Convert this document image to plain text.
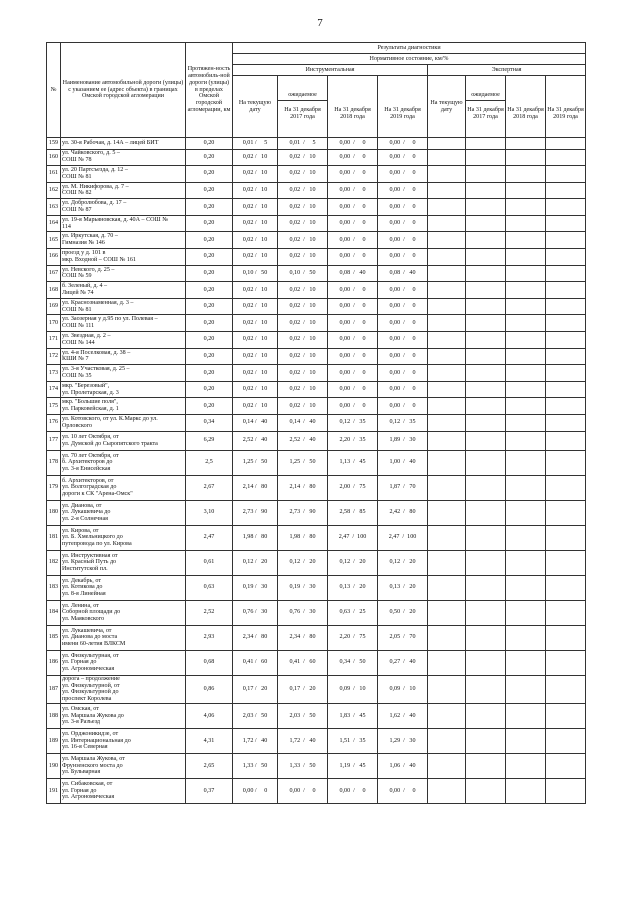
7
№	Наименование автомобильной дороги (улицы) с указанием ее (адрес объекта) в границах Омской городской агломерации	Протяжен-ность автомобиль-ной дороги (улицы) в пределах Омской городской агломерации, км	Результаты диагностики							
			Нормативное состояние, км/%							
			Инструментальная				Экспертная			
			На текущую дату	ожидаемое
На 31 декабря 2017 года	На 31 декабря 2018 года	На 31 декабря 2019 года	На текущую дату	ожидаемое
На 31 декабря 2017 года	На 31 декабря 2018 года	На 31 декабря 2019 года
159	ул. 30-я Рабочая, д. 14А – лицей БИТ	0,20	0,01 /     5	0,01  /     5	0,00  /     0	0,00  /     0				
160	ул. Чайковского, д. 5 –
СОШ № 78	0,20	0,02 /   10	0,02  /   10	0,00  /     0	0,00  /     0				
161	ул. 20 Партсъезда, д. 12 –
СОШ № 81	0,20	0,02 /   10	0,02  /   10	0,00  /     0	0,00  /     0				
162	ул. М. Никифорова, д. 7 –
СОШ № 82	0,20	0,02 /   10	0,02  /   10	0,00  /     0	0,00  /     0				
163	ул. Добролюбова, д. 17 –
СОШ № 87	0,20	0,02 /   10	0,02  /   10	0,00  /     0	0,00  /     0				
164	ул. 19-я Марьяновская, д. 40А – СОШ №
114	0,20	0,02 /   10	0,02  /   10	0,00  /     0	0,00  /     0				
165	ул. Иркутская, д. 70 –
Гимназия № 146	0,20	0,02 /   10	0,02  /   10	0,00  /     0	0,00  /     0				
166	проезд у д. 101 в
мкр. Входной – СОШ № 161	0,20	0,02 /   10	0,02  /   10	0,00  /     0	0,00  /     0				
167	ул. Невского, д. 25 –
СОШ № 59	0,20	0,10 /   50	0,10  /   50	0,08  /   40	0,08  /   40				
168	б. Зеленый, д. 4 –
Лицей № 74	0,20	0,02 /   10	0,02  /   10	0,00  /     0	0,00  /     0				
169	ул. Краснознаменная, д. 3 –
СОШ № 81	0,20	0,02 /   10	0,02  /   10	0,00  /     0	0,00  /     0				
170	ул. Заозерная у д.95 по ул. Полевая –
СОШ № 111	0,20	0,02 /   10	0,02  /   10	0,00  /     0	0,00  /     0				
171	ул. Звездная, д. 2 –
СОШ № 144	0,20	0,02 /   10	0,02  /   10	0,00  /     0	0,00  /     0				
172	ул. 4-я Поселковая, д. 38 –
КШИ № 7	0,20	0,02 /   10	0,02  /   10	0,00  /     0	0,00  /     0				
173	ул. 3-я Участковая, д. 25 –
СОШ № 35	0,20	0,02 /   10	0,02  /   10	0,00  /     0	0,00  /     0				
174	мкр. "Березовый",
ул. Пролетарская, д. 3	0,20	0,02 /   10	0,02  /   10	0,00  /     0	0,00  /     0				
175	мкр. "Большие поля",
ул. Парковейская, д. 1	0,20	0,02 /   10	0,02  /   10	0,00  /     0	0,00  /     0				
176	ул. Котовского, от ул. К.Маркс до ул.
Орловского	0,34	0,14 /   40	0,14  /   40	0,12  /   35	0,12  /   35				
177	ул. 10 лет Октября, от
ул. Думской до Сыропятского тракта	6,29	2,52 /   40	2,52  /   40	2,20  /   35	1,89  /   30				
178	ул. 70 лет Октября, от
б. Архитекторов до
ул. 3-я Енисейская	2,5	1,25 /   50	1,25  /   50	1,13  /   45	1,00  /   40				
179	б. Архитекторов, от
ул. Волгоградская до
дороги к СК "Арена-Омск"	2,67	2,14 /   80	2,14  /   80	2,00  /   75	1,87  /   70				
180	ул. Дианова, от
ул. Лукашевича до
ул. 2-я Солнечная	3,10	2,73 /   90	2,73  /   90	2,58  /   85	2,42  /   80				
181	ул. Кирова, от
ул. Б. Хмельницкого до
путепровода по ул. Кирова	2,47	1,98 /   80	1,98  /   80	2,47  /  100	2,47  /  100				
182	ул. Инструктивная от
ул. Красный Путь до
Институтской пл.	0,61	0,12 /   20	0,12  /   20	0,12  /   20	0,12  /   20				
183	ул. Декабрь, от
ул. Котикова до
ул. 8-я Линейная	0,63	0,19 /   30	0,19  /   30	0,13  /   20	0,13  /   20				
184	ул. Ленина, от
Соборной площади до
ул. Маяковского	2,52	0,76 /   30	0,76  /   30	0,63  /   25	0,50  /   20				
185	ул. Лукашевича, от
ул. Дианова до моста
имени 60-летия ВЛКСМ	2,93	2,34 /   80	2,34  /   80	2,20  /   75	2,05  /   70				
186	ул. Физкультурная, от
ул. Горная до
ул. Агрономическая	0,68	0,41 /   60	0,41  /   60	0,34  /   50	0,27  /   40				
187	дорога – продолжение
ул. Физкультурной, от
ул. Физкультурной до
проспект Королева	0,86	0,17 /   20	0,17  /   20	0,09  /   10	0,09  /   10				
188	ул. Омская, от
ул. Маршала Жукова до
ул. 3-я Разъезд	4,06	2,03 /   50	2,03  /   50	1,83  /   45	1,62  /   40				
189	ул. Орджоникидзе, от
ул. Интернациональная до
ул. 16-я Северная	4,31	1,72 /   40	1,72  /   40	1,51  /   35	1,29  /   30				
190	ул. Маршала Жукова, от
Фрунзенского моста до
ул. Бульварная	2,65	1,33 /   50	1,33  /   50	1,19  /   45	1,06  /   40				
191	ул. Сибаковская, от
ул. Горная до
ул. Агрономическая	0,37	0,00 /     0	0,00  /     0	0,00  /     0	0,00  /     0				
